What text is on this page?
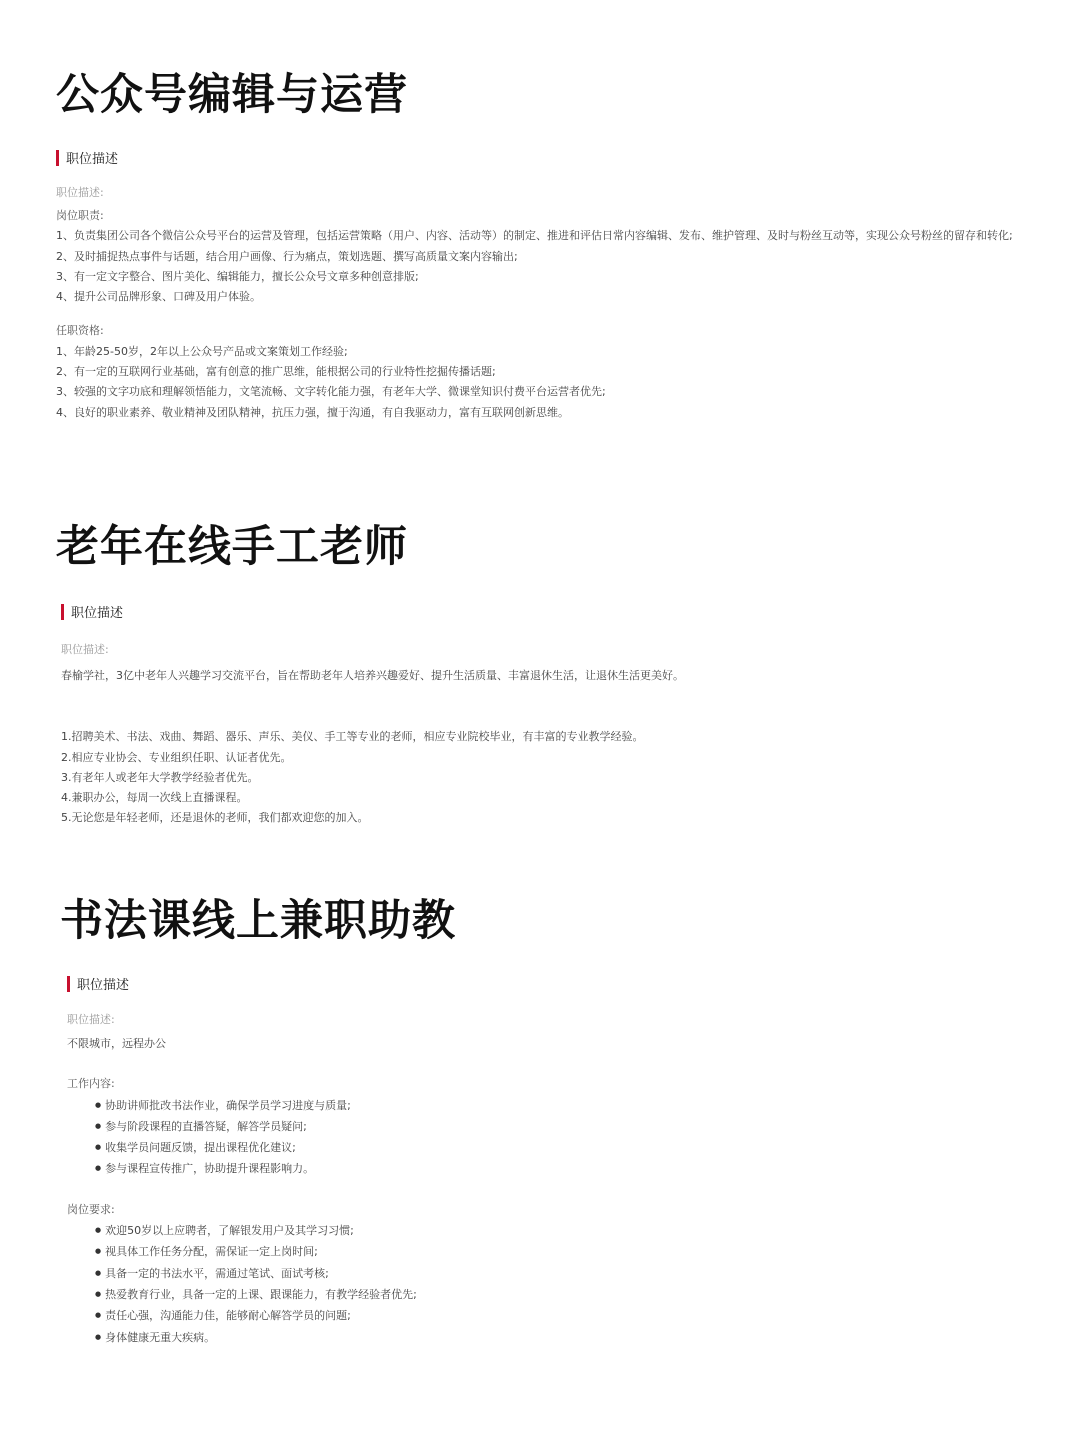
公众号编辑与运营
职位描述
职位描述:
岗位职责:
1、负责集团公司各个微信公众号平台的运营及管理，包括运营策略（用户、内容、活动等）的制定、推进和评估日常内容编辑、发布、维护管理、及时与粉丝互动等，实现公众号粉丝的留存和转化;
2、及时捕捉热点事件与话题，结合用户画像、行为痛点，策划选题、撰写高质量文案内容输出;
3、有一定文字整合、图片美化、编辑能力，擅长公众号文章多种创意排版;
4、提升公司品牌形象、口碑及用户体验。
任职资格:
1、年龄25-50岁，2年以上公众号产品或文案策划工作经验;
2、有一定的互联网行业基础，富有创意的推广思维，能根据公司的行业特性挖掘传播话题;
3、较强的文字功底和理解领悟能力，文笔流畅、文字转化能力强，有老年大学、微课堂知识付费平台运营者优先;
4、良好的职业素养、敬业精神及团队精神，抗压力强，擅于沟通，有自我驱动力，富有互联网创新思维。
老年在线手工老师
职位描述
职位描述:
春榆学社，3亿中老年人兴趣学习交流平台，旨在帮助老年人培养兴趣爱好、提升生活质量、丰富退休生活，让退休生活更美好。
1.招聘美术、书法、戏曲、舞蹈、器乐、声乐、美仪、手工等专业的老师，相应专业院校毕业，有丰富的专业教学经验。
2.相应专业协会、专业组织任职、认证者优先。
3.有老年人或老年大学教学经验者优先。
4.兼职办公，每周一次线上直播课程。
5.无论您是年轻老师，还是退休的老师，我们都欢迎您的加入。
书法课线上兼职助教
职位描述
职位描述:
不限城市，远程办公
工作内容:
● 协助讲师批改书法作业，确保学员学习进度与质量;
● 参与阶段课程的直播答疑，解答学员疑问;
● 收集学员问题反馈，提出课程优化建议;
● 参与课程宣传推广，协助提升课程影响力。
岗位要求:
● 欢迎50岁以上应聘者，了解银发用户及其学习习惯;
● 视具体工作任务分配，需保证一定上岗时间;
● 具备一定的书法水平，需通过笔试、面试考核;
● 热爱教育行业，具备一定的上课、跟课能力，有教学经验者优先;
● 责任心强，沟通能力佳，能够耐心解答学员的问题;
● 身体健康无重大疾病。
